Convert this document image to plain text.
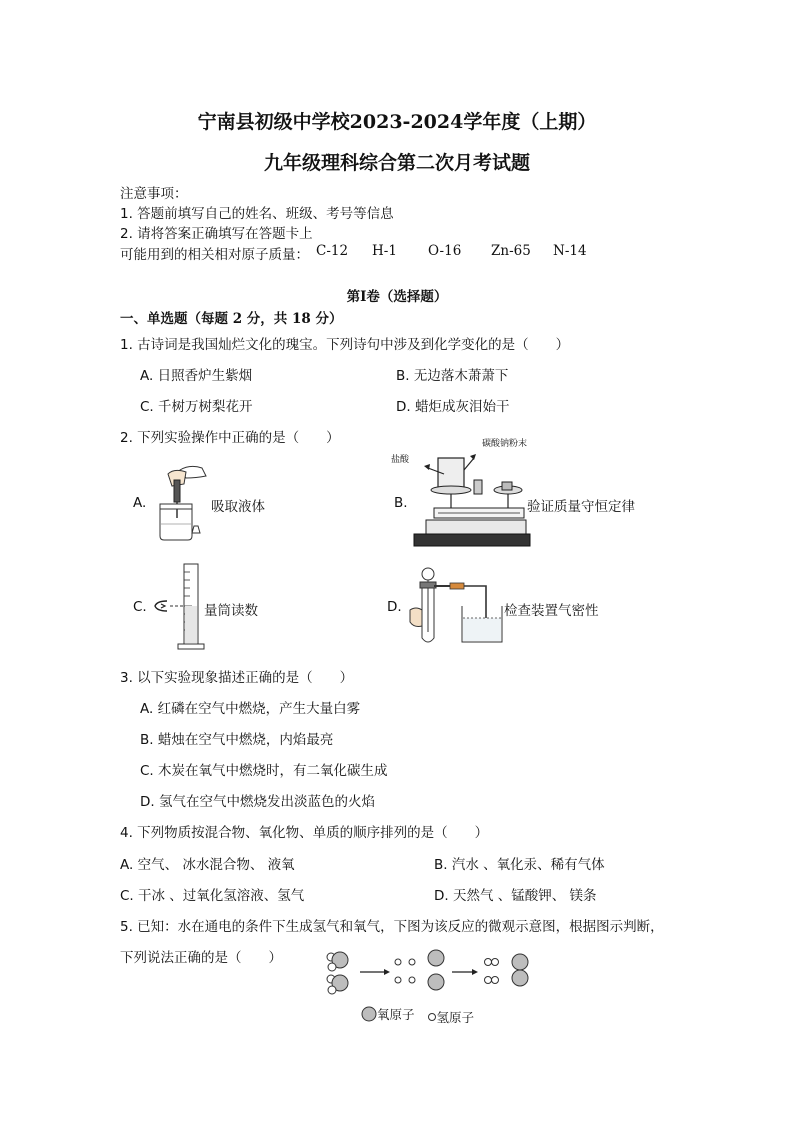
宁南县初级中学校2023-2024学年度（上期）
九年级理科综合第二次月考试题
注意事项：
1. 答题前填写自己的姓名、班级、考号等信息
2. 请将答案正确填写在答题卡上
可能用到的相关相对原子质量： C-12 H-1 O-16 Zn-65 N-14
第Ⅰ卷（选择题）
一、单选题（每题 2 分，共 18 分）
1. 古诗词是我国灿烂文化的瑰宝。下列诗句中涉及到化学变化的是（　　）
A. 日照香炉生紫烟	B. 无边落木萧萧下
C. 千树万树梨花开	D. 蜡炬成灰泪始干
2. 下列实验操作中正确的是（　　）
A.	吸取液体	B.
盐酸
碳酸钠粉末
验证质量守恒定律
C.	量筒读数	D.	检查装置气密性
3. 以下实验现象描述正确的是（　　）
A. 红磷在空气中燃烧，产生大量白雾
B. 蜡烛在空气中燃烧，内焰最亮
C. 木炭在氧气中燃烧时，有二氧化碳生成
D. 氢气在空气中燃烧发出淡蓝色的火焰
4. 下列物质按混合物、氧化物、单质的顺序排列的是（　　）
A. 空气、 冰水混合物、 液氧	B. 汽水 、氧化汞、稀有气体
C. 干冰 、过氧化氢溶液、氢气	D. 天然气 、锰酸钾、 镁条
5. 已知：水在通电的条件下生成氢气和氧气，下图为该反应的微观示意图，根据图示判断，
下列说法正确的是（　　）
氧原子
氢原子
